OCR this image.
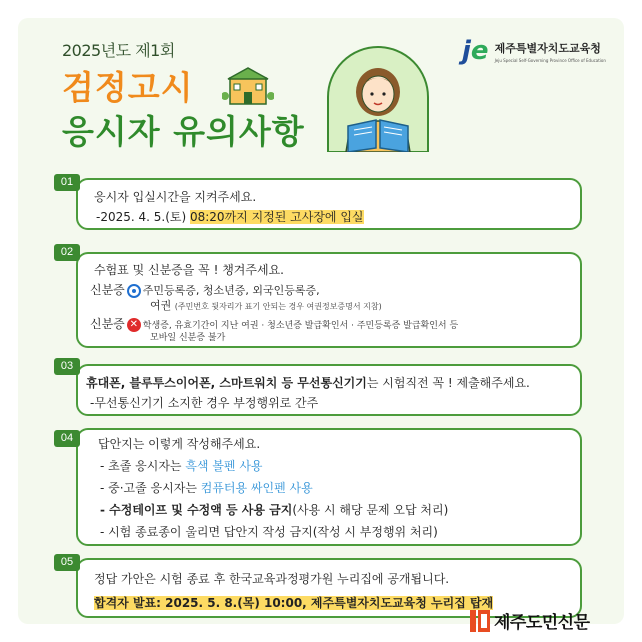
2025년도 제1회
검정고시
응시자 유의사항
je 제주특별자치도교육청
Jeju Special Self-Governing Province Office of Education
응시자 입실시간을 지켜주세요.
-2025. 4. 5.(토) 08:20까지 지정된 고사장에 입실
01
수험표 및 신분증을 꼭 ! 챙겨주세요.
신분증 주민등록증, 청소년증, 외국인등록증,
여권 (주민번호 뒷자리가 표기 안되는 경우 여권정보증명서 지참)
신분증 ✕ 학생증, 유효기간이 지난 여권 · 청소년증 발급확인서 · 주민등록증 발급확인서 등
모바일 신분증 불가
02
휴대폰, 블루투스이어폰, 스마트워치 등 무선통신기기는 시험직전 꼭 ! 제출해주세요.
-무선통신기기 소지한 경우 부정행위로 간주
03
답안지는 이렇게 작성해주세요.
- 초졸 응시자는 흑색 볼펜 사용
- 중·고졸 응시자는 컴퓨터용 싸인펜 사용
- 수정테이프 및 수정액 등 사용 금지(사용 시 해당 문제 오답 처리)
- 시험 종료종이 울리면 답안지 작성 금지(작성 시 부정행위 처리)
04
정답 가안은 시험 종료 후 한국교육과정평가원 누리집에 공개됩니다.
합격자 발표: 2025. 5. 8.(목) 10:00, 제주특별자치도교육청 누리집 탑재
05
제주도민신문
